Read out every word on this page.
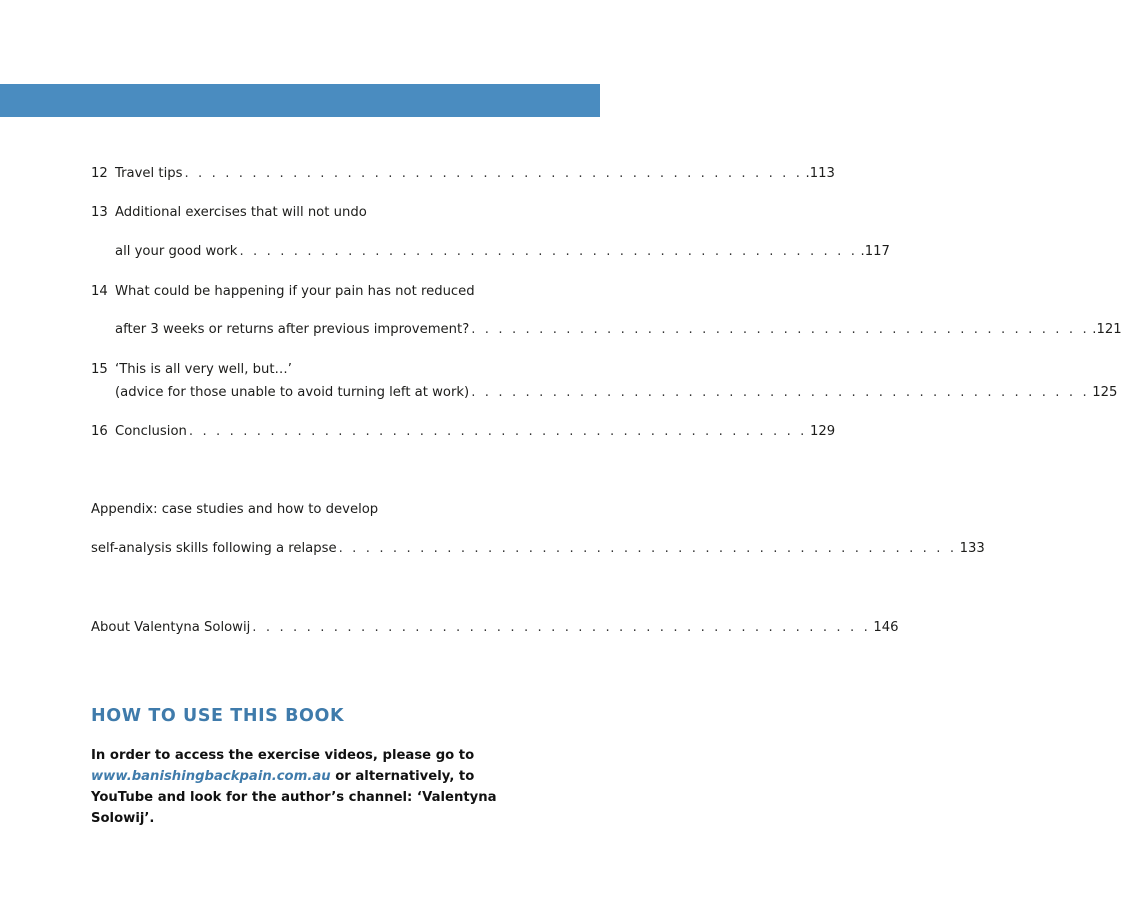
12 Travel tips . . . . . . . . . . . . . . . . . . . . . . . . . . . . . . . . . . . . . . . . . . . . . . .113
13 Additional exercises that will not undo
all your good work . . . . . . . . . . . . . . . . . . . . . . . . . . . . . . . . . . . . . . . . . . . . . . .117
14 What could be happening if your pain has not reduced
after 3 weeks or returns after previous improvement? . . . . . . . . . . . . . . . . . . . . . . . . . . . . . . . . . . . . . . . . . . . . . . .121
15 ‘This is all very well, but…’
(advice for those unable to avoid turning left at work) . . . . . . . . . . . . . . . . . . . . . . . . . . . . . . . . . . . . . . . . . . . . . . 125
16 Conclusion . . . . . . . . . . . . . . . . . . . . . . . . . . . . . . . . . . . . . . . . . . . . . . 129
Appendix: case studies and how to develop
self-analysis skills following a relapse . . . . . . . . . . . . . . . . . . . . . . . . . . . . . . . . . . . . . . . . . . . . . . 133
About Valentyna Solowij . . . . . . . . . . . . . . . . . . . . . . . . . . . . . . . . . . . . . . . . . . . . . . 146
HOW TO USE THIS BOOK
In order to access the exercise videos, please go to
www.banishingbackpain.com.au or alternatively, to YouTube and look for the author’s channel: ‘Valentyna Solowij’.
